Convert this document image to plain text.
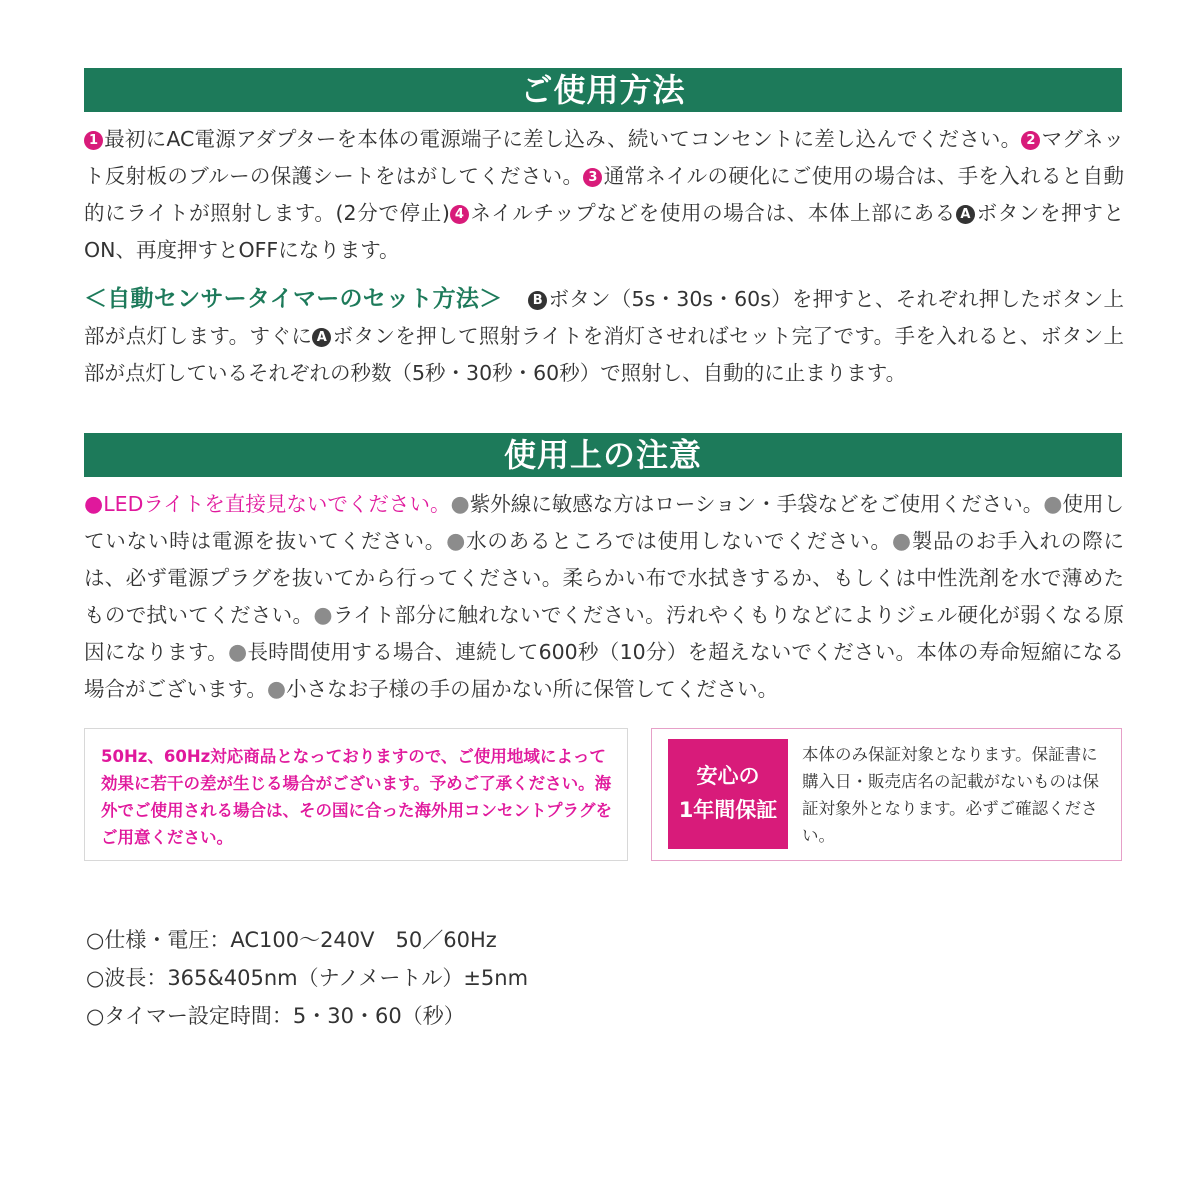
ご使用方法
1 最初にAC電源アダプターを本体の電源端子に差し込み、続いてコンセントに差し込んでください。 2 マグネット反射板のブルーの保護シートをはがしてください。 3 通常ネイルの硬化にご使用の場合は、手を入れると自動的にライトが照射します。(2分で停止) 4 ネイルチップなどを使用の場合は、本体上部にある A ボタンを押すとON、再度押すとOFFになります。
＜自動センサータイマーのセット方法＞ B ボタン（5s・30s・60s）を押すと、それぞれ押したボタン上部が点灯します。すぐに A ボタンを押して照射ライトを消灯させればセット完了です。手を入れると、ボタン上部が点灯しているそれぞれの秒数（5秒・30秒・60秒）で照射し、自動的に止まります。
使用上の注意
●LEDライトを直接見ないでください。●紫外線に敏感な方はローション・手袋などをご使用ください。●使用していない時は電源を抜いてください。●水のあるところでは使用しないでください。●製品のお手入れの際には、必ず電源プラグを抜いてから行ってください。柔らかい布で水拭きするか、もしくは中性洗剤を水で薄めたもので拭いてください。●ライト部分に触れないでください。汚れやくもりなどによりジェル硬化が弱くなる原因になります。●長時間使用する場合、連続して600秒（10分）を超えないでください。本体の寿命短縮になる場合がございます。●小さなお子様の手の届かない所に保管してください。
50Hz、60Hz対応商品となっておりますので、ご使用地域によって効果に若干の差が生じる場合がございます。予めご了承ください。海外でご使用される場合は、その国に合った海外用コンセントプラグをご用意ください。
安心の
1年間保証
本体のみ保証対象となります。保証書に購入日・販売店名の記載がないものは保証対象外となります。必ずご確認ください。
○仕様・電圧：AC100〜240V　50／60Hz
○波長：365&405nm（ナノメートル）±5nm
○タイマー設定時間：5・30・60（秒）
